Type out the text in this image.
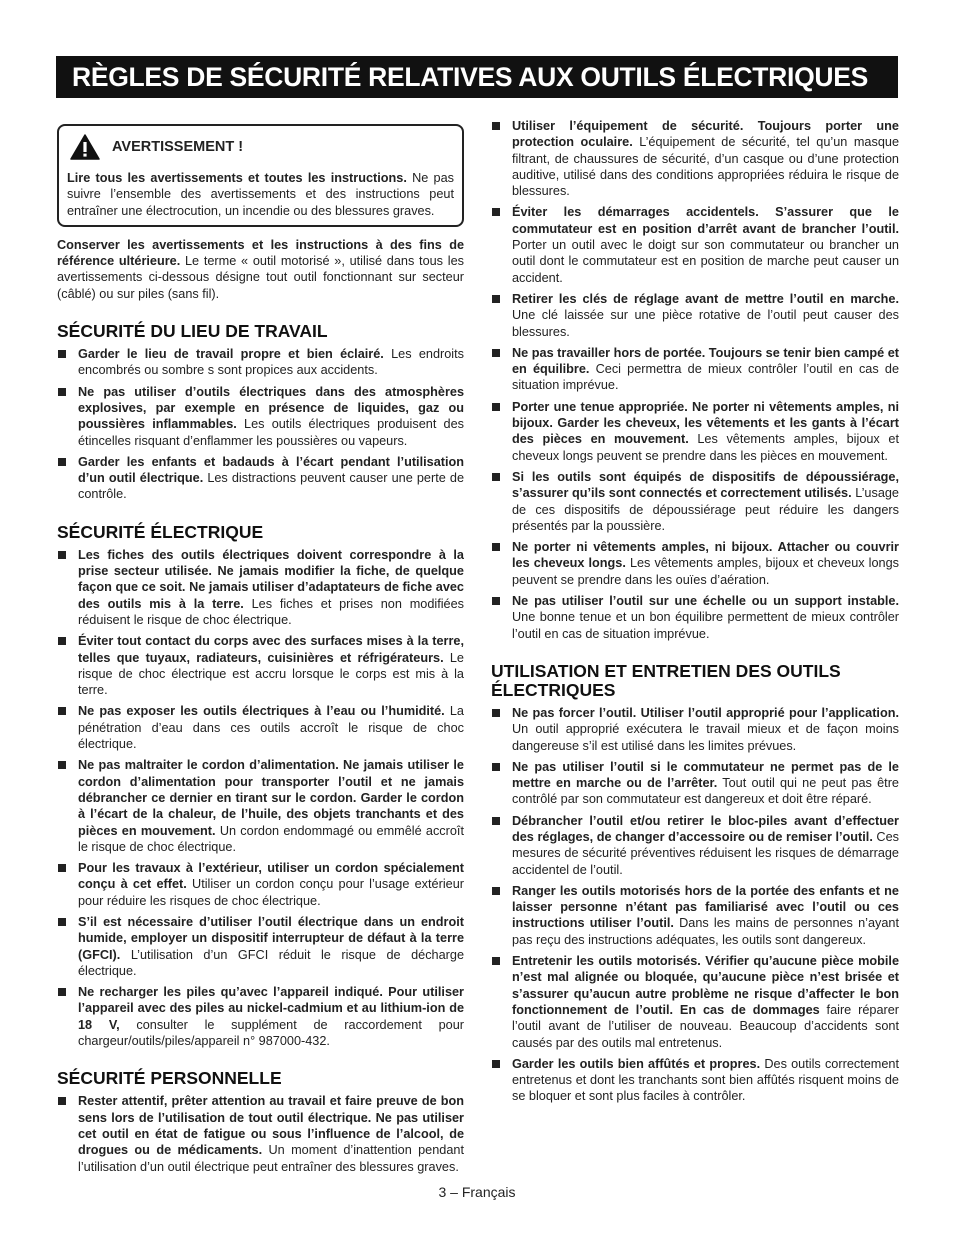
RÈGLES DE SÉCURITÉ RELATIVES AUX OUTILS ÉLECTRIQUES
AVERTISSEMENT !

Lire tous les avertissements et toutes les instructions. Ne pas suivre l’ensemble des avertissements et des instructions peut entraîner une électrocution, un incendie ou des blessures graves.

Conserver les avertissements et les instructions à des fins de référence ultérieure. Le terme « outil motorisé », utilisé dans tous les avertissements ci-dessous désigne tout outil fonctionnant sur secteur (câblé) ou sur piles (sans fil).

SÉCURITÉ DU LIEU DE TRAVAIL
Garder le lieu de travail propre et bien éclairé. Les endroits encombrés ou sombre s sont propices aux accidents.
Ne pas utiliser d’outils électriques dans des atmosphères explosives, par exemple en présence de liquides, gaz ou poussières inflammables. Les outils électriques produisent des étincelles risquant d’enflammer les poussières ou vapeurs.
Garder les enfants et badauds à l’écart pendant l’utilisation d’un outil électrique. Les distractions peuvent causer une perte de contrôle.
SÉCURITÉ ÉLECTRIQUE
Les fiches des outils électriques doivent correspondre à la prise secteur utilisée. Ne jamais modifier la fiche, de quelque façon que ce soit. Ne jamais utiliser d’adaptateurs de fiche avec des outils mis à la terre. Les fiches et prises non modifiées réduisent le risque de choc électrique.
Éviter tout contact du corps avec des surfaces mises à la terre, telles que tuyaux, radiateurs, cuisinières et réfrigérateurs. Le risque de choc électrique est accru lorsque le corps est mis à la terre.
Ne pas exposer les outils électriques à l’eau ou l’humidité. La pénétration d’eau dans ces outils accroît le risque de choc électrique.
Ne pas maltraiter le cordon d’alimentation. Ne jamais utiliser le cordon d’alimentation pour transporter l’outil et ne jamais débrancher ce dernier en tirant sur le cordon. Garder le cordon à l’écart de la chaleur, de l’huile, des objets tranchants et des pièces en mouvement. Un cordon endommagé ou emmêlé accroît le risque de choc électrique.
Pour les travaux à l’extérieur, utiliser un cordon spécialement conçu à cet effet. Utiliser un cordon conçu pour l’usage extérieur pour réduire les risques de choc électrique.
S’il est nécessaire d’utiliser l’outil électrique dans un endroit humide, employer un dispositif interrupteur de défaut à la terre (GFCI). L’utilisation d’un GFCI réduit le risque de décharge électrique.
Ne recharger les piles qu’avec l’appareil indiqué. Pour utiliser l’appareil avec des piles au nickel-cadmium et au lithium-ion de 18 V, consulter le supplément de raccordement pour chargeur/outils/piles/appareil n° 987000-432.
SÉCURITÉ PERSONNELLE
Rester attentif, prêter attention au travail et faire preuve de bon sens lors de l’utilisation de tout outil électrique. Ne pas utiliser cet outil en état de fatigue ou sous l’influence de l’alcool, de drogues ou de médicaments. Un moment d’inattention pendant l’utilisation d’un outil électrique peut entraîner des blessures graves.
Utiliser l’équipement de sécurité. Toujours porter une protection oculaire. L’équipement de sécurité, tel qu’un masque filtrant, de chaussures de sécurité, d’un casque ou d’une protection auditive, utilisé dans des conditions appropriées réduira le risque de blessures.
Éviter les démarrages accidentels. S’assurer que le commutateur est en position d’arrêt avant de brancher l’outil. Porter un outil avec le doigt sur son commutateur ou brancher un outil dont le commutateur est en position de marche peut causer un accident.
Retirer les clés de réglage avant de mettre l’outil en marche. Une clé laissée sur une pièce rotative de l’outil peut causer des blessures.
Ne pas travailler hors de portée. Toujours se tenir bien campé et en équilibre. Ceci permettra de mieux contrôler l’outil en cas de situation imprévue.
Porter une tenue appropriée. Ne porter ni vêtements amples, ni bijoux. Garder les cheveux, les vêtements et les gants à l’écart des pièces en mouvement. Les vêtements amples, bijoux et cheveux longs peuvent se prendre dans les pièces en mouvement.
Si les outils sont équipés de dispositifs de dépoussiérage, s’assurer qu’ils sont connectés et correctement utilisés. L’usage de ces dispositifs de dépoussiérage peut réduire les dangers présentés par la poussière.
Ne porter ni vêtements amples, ni bijoux. Attacher ou couvrir les cheveux longs. Les vêtements amples, bijoux et cheveux longs peuvent se prendre dans les ouïes d’aération.
Ne pas utiliser l’outil sur une échelle ou un support instable. Une bonne tenue et un bon équilibre permettent de mieux contrôler l’outil en cas de situation imprévue.
UTILISATION ET ENTRETIEN DES OUTILS ÉLECTRIQUES
Ne pas forcer l’outil. Utiliser l’outil approprié pour l’application. Un outil approprié exécutera le travail mieux et de façon moins dangereuse s’il est utilisé dans les limites prévues.
Ne pas utiliser l’outil si le commutateur ne permet pas de le mettre en marche ou de l’arrêter. Tout outil qui ne peut pas être contrôlé par son commutateur est dangereux et doit être réparé.
Débrancher l’outil et/ou retirer le bloc-piles avant d’effectuer des réglages, de changer d’accessoire ou de remiser l’outil. Ces mesures de sécurité préventives réduisent les risques de démarrage accidentel de l’outil.
Ranger les outils motorisés hors de la portée des enfants et ne laisser personne n’étant pas familiarisé avec l’outil ou ces instructions utiliser l’outil. Dans les mains de personnes n’ayant pas reçu des instructions adéquates, les outils sont dangereux.
Entretenir les outils motorisés. Vérifier qu’aucune pièce mobile n’est mal alignée ou bloquée, qu’aucune pièce n’est brisée et s’assurer qu’aucun autre problème ne risque d’affecter le bon fonctionnement de l’outil. En cas de dommages faire réparer l’outil avant de l’utiliser de nouveau. Beaucoup d’accidents sont causés par des outils mal entretenus.
Garder les outils bien affûtés et propres. Des outils correctement entretenus et dont les tranchants sont bien affûtés risquent moins de se bloquer et sont plus faciles à contrôler.
3 – Français
